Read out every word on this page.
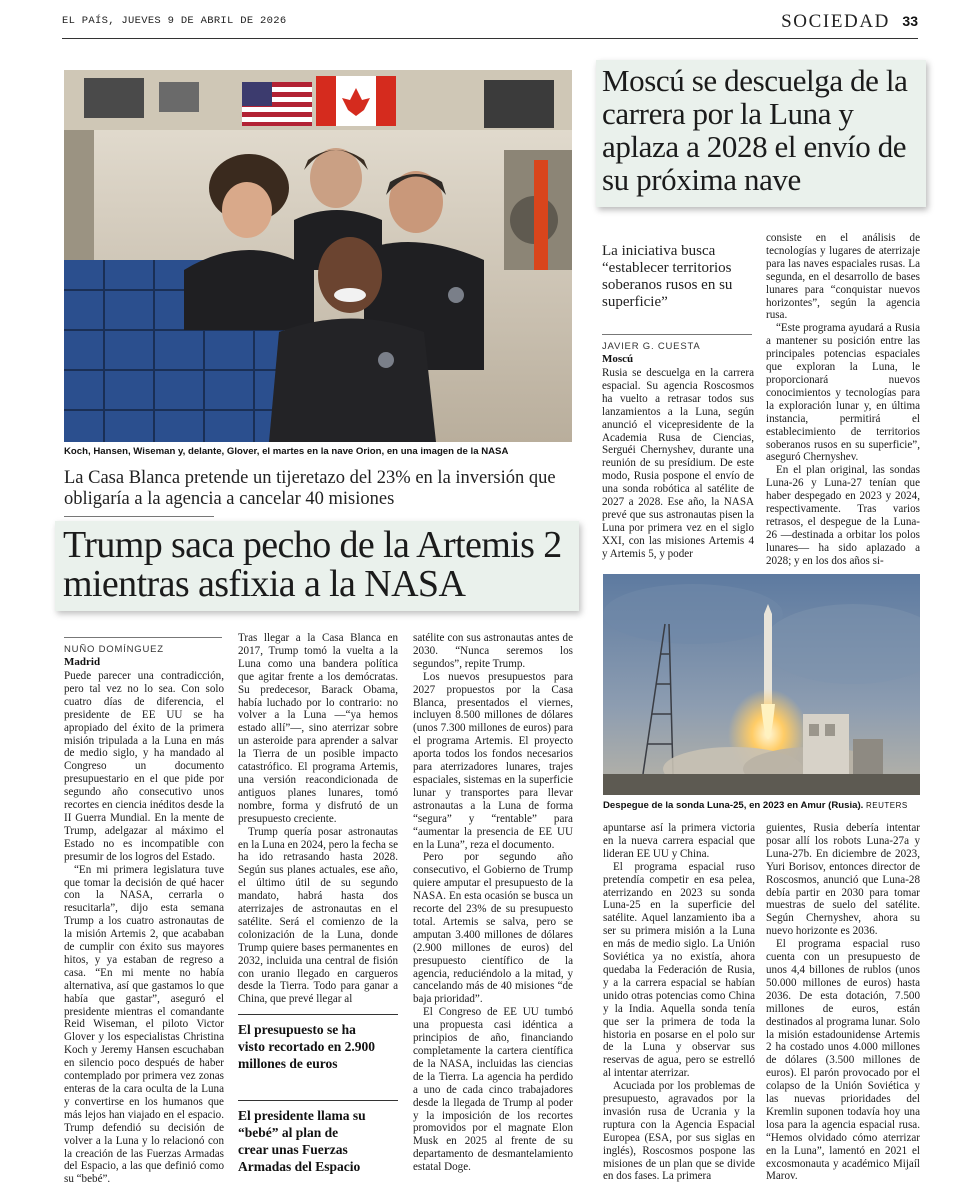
EL PAÍS, JUEVES 9 DE ABRIL DE 2026	SOCIEDAD 33
Koch, Hansen, Wiseman y, delante, Glover, el martes en la nave Orion, en una imagen de la NASA
Moscú se descuelga de la carrera por la Luna y aplaza a 2028 el envío de su próxima nave
La iniciativa busca “establecer territorios soberanos rusos en su superficie”
JAVIER G. CUESTA
Moscú

Rusia se descuelga en la carrera espacial. Su agencia Roscosmos ha vuelto a retrasar todos sus lanzamientos a la Luna, según anunció el vicepresidente de la Academia Rusa de Ciencias, Serguéi Chernyshev, durante una reunión de su presídium. De este modo, Rusia pospone el envío de una sonda robótica al satélite de 2027 a 2028. Ese año, la NASA prevé que sus astronautas pisen la Luna por primera vez en el siglo XXI, con las misiones Artemis 4 y Artemis 5, y poder

consiste en el análisis de tecnologías y lugares de aterrizaje para las naves espaciales rusas. La segunda, en el desarrollo de bases lunares para “conquistar nuevos horizontes”, según la agencia rusa.

“Este programa ayudará a Rusia a mantener su posición entre las principales potencias espaciales que exploran la Luna, le proporcionará nuevos conocimientos y tecnologías para la exploración lunar y, en última instancia, permitirá el establecimiento de territorios soberanos rusos en su superficie”, aseguró Chernyshev.

En el plan original, las sondas Luna-26 y Luna-27 tenían que haber despegado en 2023 y 2024, respectivamente. Tras varios retrasos, el despegue de la Luna-26 —destinada a orbitar los polos lunares— ha sido aplazado a 2028; y en los dos años si-

Despegue de la sonda Luna-25, en 2023 en Amur (Rusia). REUTERS

apuntarse así la primera victoria en la nueva carrera espacial que lideran EE UU y China.

El programa espacial ruso pretendía competir en esa pelea, aterrizando en 2023 su sonda Luna-25 en la superficie del satélite. Aquel lanzamiento iba a ser su primera misión a la Luna en más de medio siglo. La Unión Soviética ya no existía, ahora quedaba la Federación de Rusia, y a la carrera espacial se habían unido otras potencias como China y la India. Aquella sonda tenía que ser la primera de toda la historia en posarse en el polo sur de la Luna y observar sus reservas de agua, pero se estrelló al intentar aterrizar.

Acuciada por los problemas de presupuesto, agravados por la invasión rusa de Ucrania y la ruptura con la Agencia Espacial Europea (ESA, por sus siglas en inglés), Roscosmos pospone las misiones de un plan que se divide en dos fases. La primera

guientes, Rusia debería intentar posar allí los robots Luna-27a y Luna-27b. En diciembre de 2023, Yuri Borisov, entonces director de Roscosmos, anunció que Luna-28 debía partir en 2030 para tomar muestras de suelo del satélite. Según Chernyshev, ahora su nuevo horizonte es 2036.

El programa espacial ruso cuenta con un presupuesto de unos 4,4 billones de rublos (unos 50.000 millones de euros) hasta 2036. De esta dotación, 7.500 millones de euros, están destinados al programa lunar. Solo la misión estadounidense Artemis 2 ha costado unos 4.000 millones de dólares (3.500 millones de euros). El parón provocado por el colapso de la Unión Soviética y las nuevas prioridades del Kremlin suponen todavía hoy una losa para la agencia espacial rusa. “Hemos olvidado cómo aterrizar en la Luna”, lamentó en 2021 el excosmonauta y académico Mijaíl Marov.

La Casa Blanca pretende un tijeretazo del 23% en la inversión que obligaría a la agencia a cancelar 40 misiones
Trump saca pecho de la Artemis 2 mientras asfixia a la NASA
NUÑO DOMÍNGUEZ
Madrid

Puede parecer una contradicción, pero tal vez no lo sea. Con solo cuatro días de diferencia, el presidente de EE UU se ha apropiado del éxito de la primera misión tripulada a la Luna en más de medio siglo, y ha mandado al Congreso un documento presupuestario en el que pide por segundo año consecutivo unos recortes en ciencia inéditos desde la II Guerra Mundial. En la mente de Trump, adelgazar al máximo el Estado no es incompatible con presumir de los logros del Estado.

“En mi primera legislatura tuve que tomar la decisión de qué hacer con la NASA, cerrarla o resucitarla”, dijo esta semana Trump a los cuatro astronautas de la misión Artemis 2, que acababan de cumplir con éxito sus mayores hitos, y ya estaban de regreso a casa. “En mi mente no había alternativa, así que gastamos lo que había que gastar”, aseguró el presidente mientras el comandante Reid Wiseman, el piloto Victor Glover y los especialistas Christina Koch y Jeremy Hansen escuchaban en silencio poco después de haber contemplado por primera vez zonas enteras de la cara oculta de la Luna y convertirse en los humanos que más lejos han viajado en el espacio. Trump defendió su decisión de volver a la Luna y lo relacionó con la creación de las Fuerzas Armadas del Espacio, a las que definió como su “bebé”.

Tras llegar a la Casa Blanca en 2017, Trump tomó la vuelta a la Luna como una bandera política que agitar frente a los demócratas. Su predecesor, Barack Obama, había luchado por lo contrario: no volver a la Luna —“ya hemos estado allí”—, sino aterrizar sobre un asteroide para aprender a salvar la Tierra de un posible impacto catastrófico. El programa Artemis, una versión reacondicionada de antiguos planes lunares, tomó nombre, forma y disfrutó de un presupuesto creciente.

Trump quería posar astronautas en la Luna en 2024, pero la fecha se ha ido retrasando hasta 2028. Según sus planes actuales, ese año, el último útil de su segundo mandato, habrá hasta dos aterrizajes de astronautas en el satélite. Será el comienzo de la colonización de la Luna, donde Trump quiere bases permanentes en 2032, incluida una central de fisión con uranio llegado en cargueros desde la Tierra. Todo para ganar a China, que prevé llegar al

El presupuesto se ha visto recortado en 2.900 millones de euros
El presidente llama su “bebé” al plan de crear unas Fuerzas Armadas del Espacio

satélite con sus astronautas antes de 2030. “Nunca seremos los segundos”, repite Trump.

Los nuevos presupuestos para 2027 propuestos por la Casa Blanca, presentados el viernes, incluyen 8.500 millones de dólares (unos 7.300 millones de euros) para el programa Artemis. El proyecto aporta todos los fondos necesarios para aterrizadores lunares, trajes espaciales, sistemas en la superficie lunar y transportes para llevar astronautas a la Luna de forma “segura” y “rentable” para “aumentar la presencia de EE UU en la Luna”, reza el documento.

Pero por segundo año consecutivo, el Gobierno de Trump quiere amputar el presupuesto de la NASA. En esta ocasión se busca un recorte del 23% de su presupuesto total. Artemis se salva, pero se amputan 3.400 millones de dólares (2.900 millones de euros) del presupuesto científico de la agencia, reduciéndolo a la mitad, y cancelando más de 40 misiones “de baja prioridad”.

El Congreso de EE UU tumbó una propuesta casi idéntica a principios de año, financiando completamente la cartera científica de la NASA, incluidas las ciencias de la Tierra. La agencia ha perdido a uno de cada cinco trabajadores desde la llegada de Trump al poder y la imposición de los recortes promovidos por el magnate Elon Musk en 2025 al frente de su departamento de desmantelamiento estatal Doge.
